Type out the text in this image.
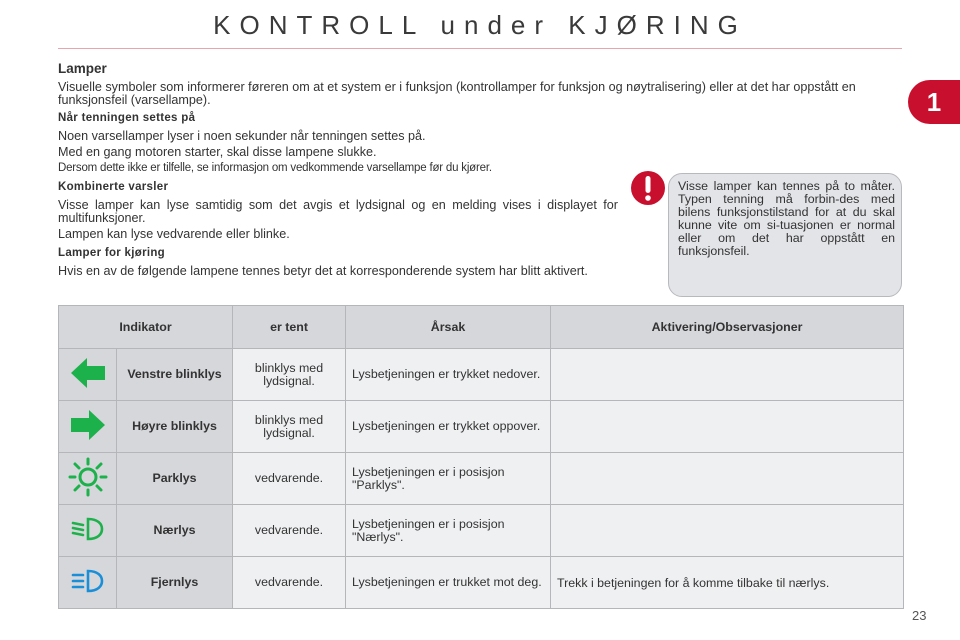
KONTROLL under KJØRING
1
Lamper

Visuelle symboler som informerer føreren om at et system er i funksjon (kontrollamper for funksjon og nøytralisering) eller at det har oppstått en funksjonsfeil (varsellampe).

Når tenningen settes på

Noen varsellamper lyser i noen sekunder når tenningen settes på.

Med en gang motoren starter, skal disse lampene slukke.

Dersom dette ikke er tilfelle, se informasjon om vedkommende varsellampe før du kjører.

Kombinerte varsler

Visse lamper kan lyse samtidig som det avgis et lydsignal og en melding vises i displayet for multifunksjoner.

Lampen kan lyse vedvarende eller blinke.

Lamper for kjøring

Hvis en av de følgende lampene tennes betyr det at korresponderende system har blitt aktivert.

Visse lamper kan tennes på to måter. Typen tenning må forbin-des med bilens funksjonstilstand for at du skal kunne vite om si-tuasjonen er normal eller om det har oppstått en funksjonsfeil.
Indikator		er tent	Årsak	Aktivering/Observasjoner
	Venstre blinklys	blinklys med lydsignal.	Lysbetjeningen er trykket nedover.	
	Høyre blinklys	blinklys med lydsignal.	Lysbetjeningen er trykket oppover.	
	Parklys	vedvarende.	Lysbetjeningen er i posisjon "Parklys".	
	Nærlys	vedvarende.	Lysbetjeningen er i posisjon "Nærlys".	
	Fjernlys	vedvarende.	Lysbetjeningen er trukket mot deg.	Trekk i betjeningen for å komme tilbake til nærlys.
23
